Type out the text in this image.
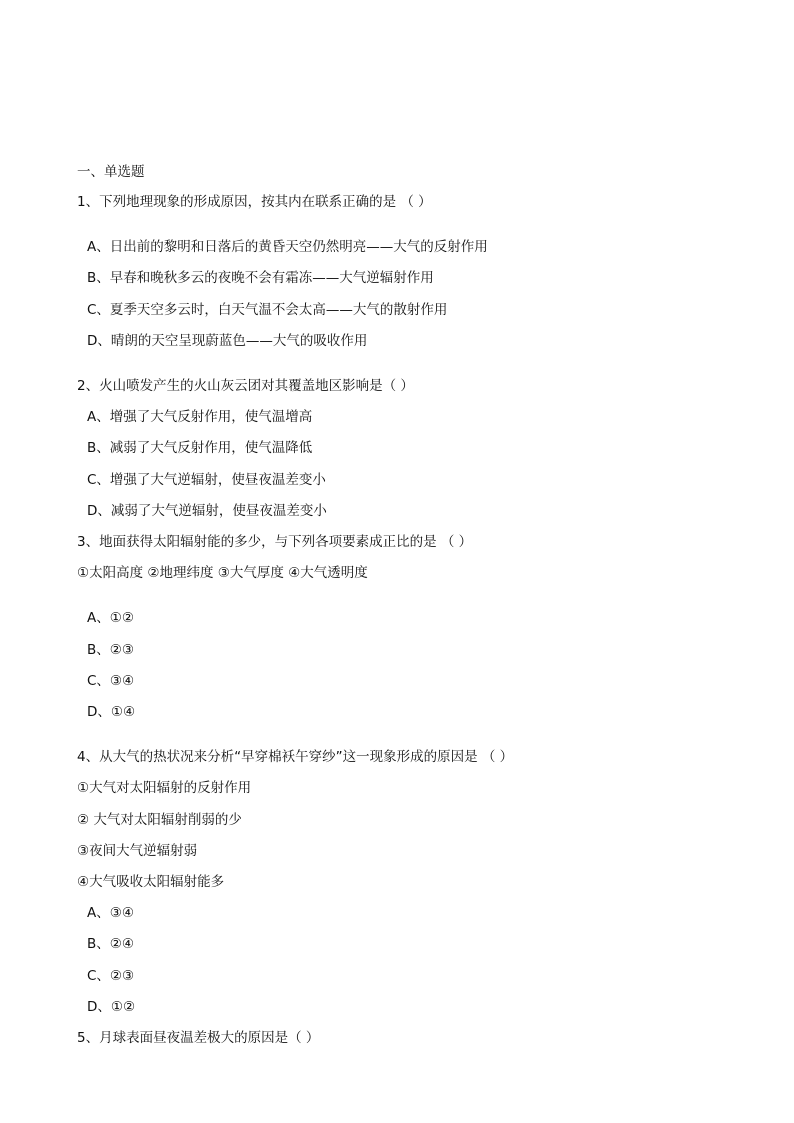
一、单选题
1、下列地理现象的形成原因，按其内在联系正确的是 （ ）
A、日出前的黎明和日落后的黄昏天空仍然明亮——大气的反射作用
B、早春和晚秋多云的夜晚不会有霜冻——大气逆辐射作用
C、夏季天空多云时，白天气温不会太高——大气的散射作用
D、晴朗的天空呈现蔚蓝色——大气的吸收作用
2、火山喷发产生的火山灰云团对其覆盖地区影响是（ ）
A、增强了大气反射作用，使气温增高
B、减弱了大气反射作用，使气温降低
C、增强了大气逆辐射，使昼夜温差变小
D、减弱了大气逆辐射，使昼夜温差变小
3、地面获得太阳辐射能的多少，与下列各项要素成正比的是 （ ）
①太阳高度 ②地理纬度 ③大气厚度 ④大气透明度
A、①②
B、②③
C、③④
D、①④
4、从大气的热状况来分析“早穿棉袄午穿纱”这一现象形成的原因是 （ ）
①大气对太阳辐射的反射作用
② 大气对太阳辐射削弱的少
③夜间大气逆辐射弱
④大气吸收太阳辐射能多
A、③④
B、②④
C、②③
D、①②
5、月球表面昼夜温差极大的原因是（ ）
